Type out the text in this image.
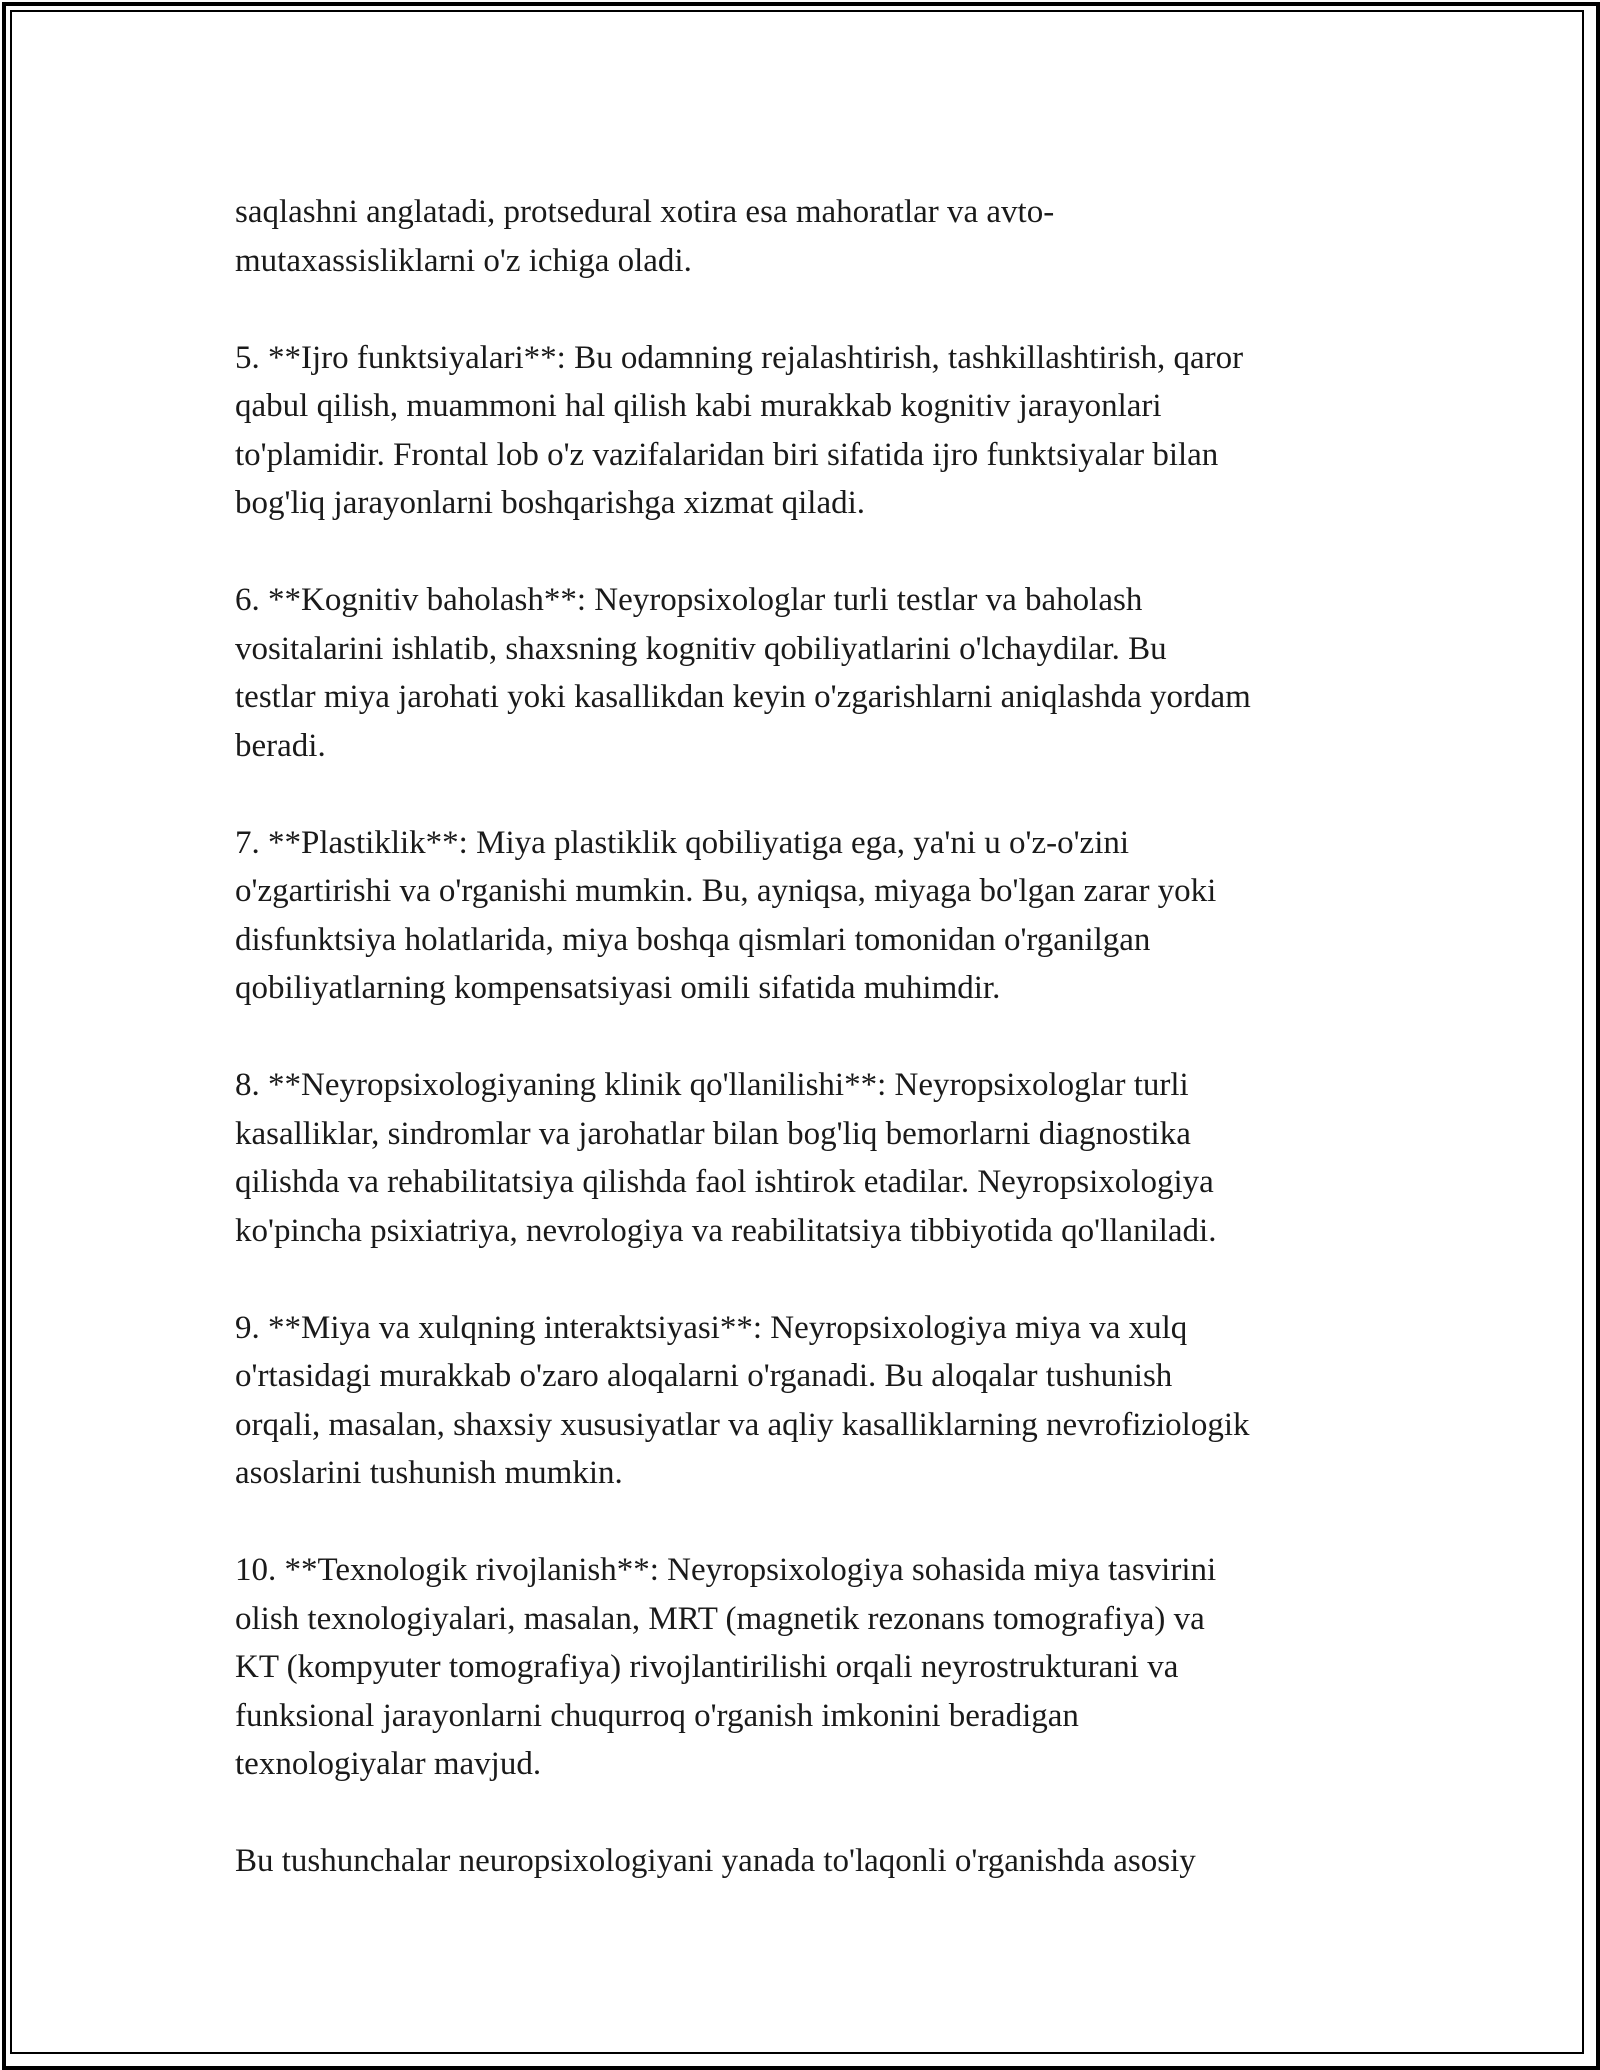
saqlashni anglatadi, protsedural xotira esa mahoratlar va avto-
mutaxassisliklarni o'z ichiga oladi.

5. **Ijro funktsiyalari**: Bu odamning rejalashtirish, tashkillashtirish, qaror
qabul qilish, muammoni hal qilish kabi murakkab kognitiv jarayonlari
to'plamidir. Frontal lob o'z vazifalaridan biri sifatida ijro funktsiyalar bilan
bog'liq jarayonlarni boshqarishga xizmat qiladi.

6. **Kognitiv baholash**: Neyropsixologlar turli testlar va baholash
vositalarini ishlatib, shaxsning kognitiv qobiliyatlarini o'lchaydilar. Bu
testlar miya jarohati yoki kasallikdan keyin o'zgarishlarni aniqlashda yordam
beradi.

7. **Plastiklik**: Miya plastiklik qobiliyatiga ega, ya'ni u o'z-o'zini
o'zgartirishi va o'rganishi mumkin. Bu, ayniqsa, miyaga bo'lgan zarar yoki
disfunktsiya holatlarida, miya boshqa qismlari tomonidan o'rganilgan
qobiliyatlarning kompensatsiyasi omili sifatida muhimdir.

8. **Neyropsixologiyaning klinik qo'llanilishi**: Neyropsixologlar turli
kasalliklar, sindromlar va jarohatlar bilan bog'liq bemorlarni diagnostika
qilishda va rehabilitatsiya qilishda faol ishtirok etadilar. Neyropsixologiya
ko'pincha psixiatriya, nevrologiya va reabilitatsiya tibbiyotida qo'llaniladi.

9. **Miya va xulqning interaktsiyasi**: Neyropsixologiya miya va xulq
o'rtasidagi murakkab o'zaro aloqalarni o'rganadi. Bu aloqalar tushunish
orqali, masalan, shaxsiy xususiyatlar va aqliy kasalliklarning nevrofiziologik
asoslarini tushunish mumkin.

10. **Texnologik rivojlanish**: Neyropsixologiya sohasida miya tasvirini
olish texnologiyalari, masalan, MRT (magnetik rezonans tomografiya) va
KT (kompyuter tomografiya) rivojlantirilishi orqali neyrostrukturani va
funksional jarayonlarni chuqurroq o'rganish imkonini beradigan
texnologiyalar mavjud.

Bu tushunchalar neuropsixologiyani yanada to'laqonli o'rganishda asosiy
